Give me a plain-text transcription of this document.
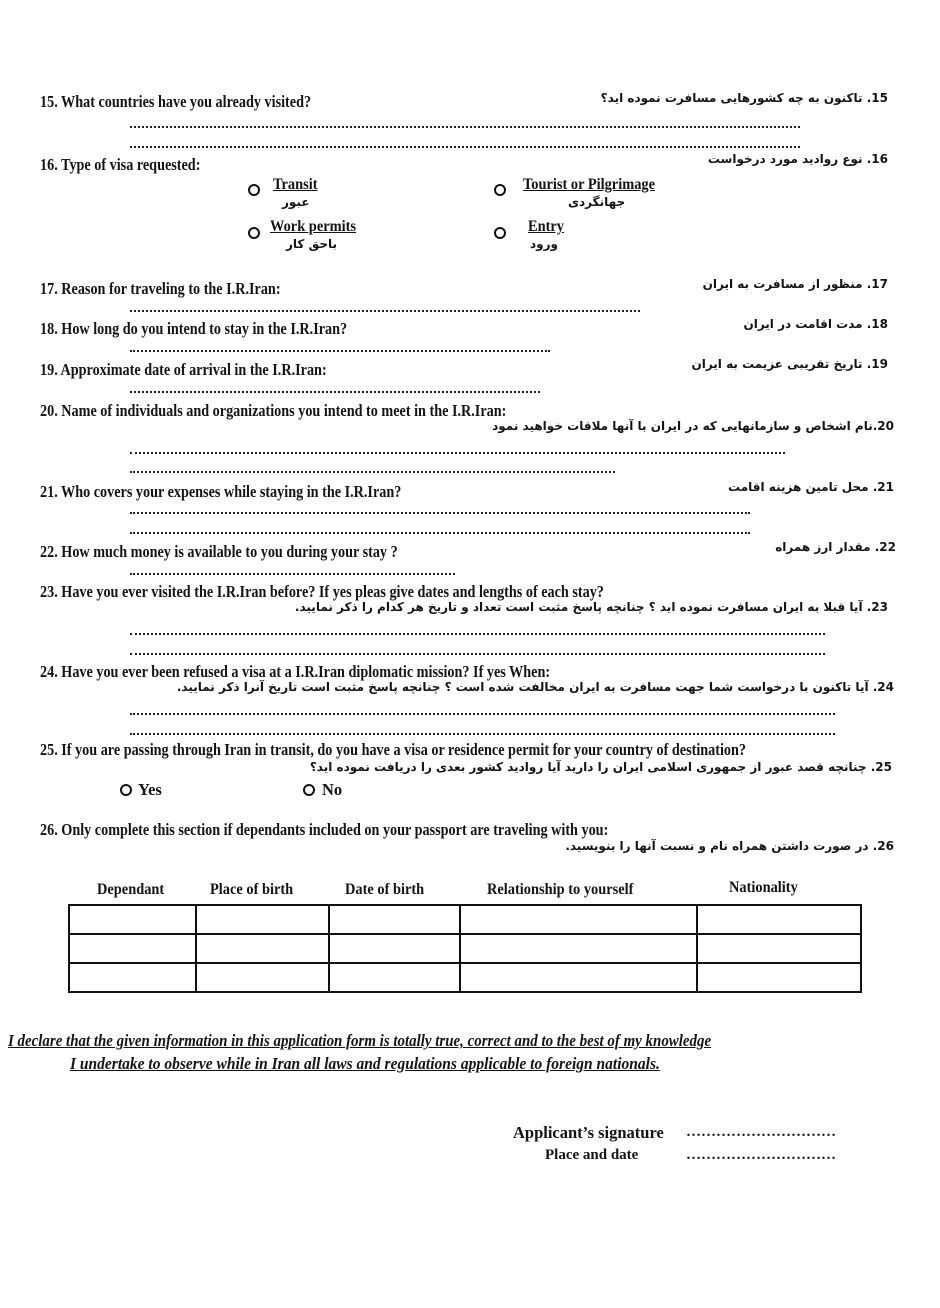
15. What countries have you already visited?	15. تاکنون به چه کشورهایی مسافرت نموده اید؟
16. Type of visa requested:	16. نوع روادید مورد درخواست
Transit
عبور
Tourist or Pilgrimage
جهانگردی
Work permits
باحق کار
Entry
ورود
17. Reason for traveling to the I.R.Iran:	17. منظور از مسافرت به ایران
18. How long do you intend to stay in the I.R.Iran?	18. مدت اقامت در ایران
19. Approximate date of arrival in the I.R.Iran:	19. تاریخ تقریبی عزیمت به ایران
20. Name of individuals and organizations you intend to meet in the I.R.Iran:
20.نام اشخاص و سازمانهایی که در ایران با آنها ملاقات خواهید نمود
21. Who covers your expenses while staying in the I.R.Iran?	21. محل تامین هزینه اقامت
22. How much money is available to you during your stay ?	22. مقدار ارز همراه
23. Have you ever visited the I.R.Iran before? If yes pleas give dates and lengths of each stay?
23. آیا قبلا به ایران مسافرت نموده اید ؟ چنانچه پاسخ مثبت است تعداد و تاریخ هر کدام را ذکر نمایید.
24. Have you ever been refused a visa at a I.R.Iran diplomatic mission? If yes When:
24. آیا تاکنون با درخواست شما جهت مسافرت به ایران مخالفت شده است ؟ چنانچه پاسخ مثبت است تاریخ آنرا ذکر نمایید.
25. If you are passing through Iran in transit, do you have a visa or residence permit for your country of destination?
25. چنانچه قصد عبور از جمهوری اسلامی ایران را دارید آیا روادید کشور بعدی را دریافت نموده اید؟
Yes	No
26. Only complete this section if dependants included on your passport are traveling with you:
26. در صورت داشتن همراه نام و نسبت آنها را بنویسید.
Dependant	Place of birth	Date of birth	Relationship to yourself	Nationality

I declare that the given information in this application form is totally true, correct and to the best of my knowledge
I undertake to observe while in Iran all laws and regulations applicable to foreign nationals.
Applicant’s signature …………………………
Place and date	…………………………
